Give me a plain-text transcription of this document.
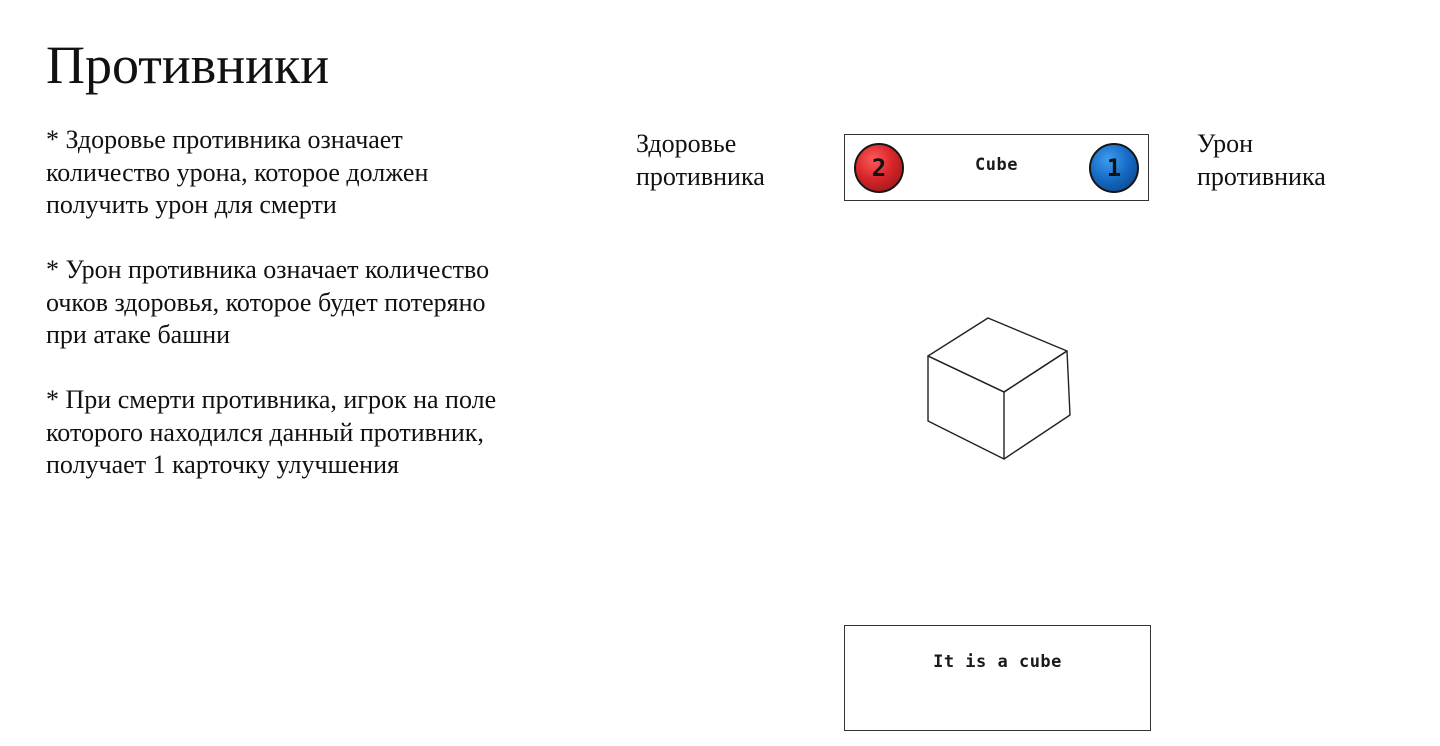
Противники

* Здоровье противника означает
количество урона, которое должен
получить урон для смерти

* Урон противника означает количество
очков здоровья, которое будет потеряно
при атаке башни

* При смерти противника, игрок на поле
которого находился данный противник,
получает 1 карточку улучшения

Здоровье
противника	2	Cube	1
Урон
противника
It is a cube
